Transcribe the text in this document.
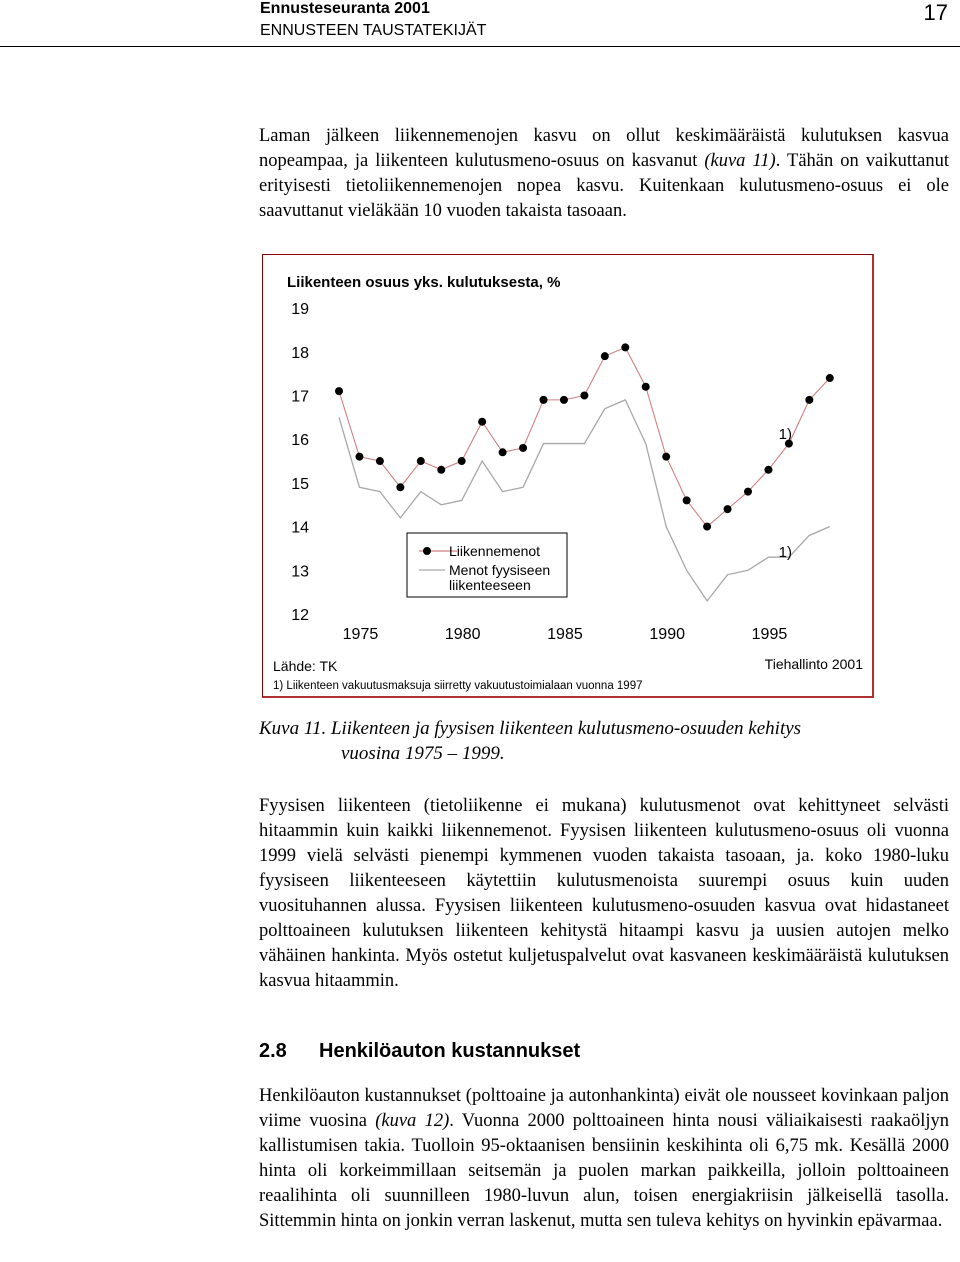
Ennusteseuranta 2001
ENNUSTEEN TAUSTATEKIJÄT
17

Laman jälkeen liikennemenojen kasvu on ollut keskimääräistä kulutuksen kasvua nopeampaa, ja liikenteen kulutusmeno-osuus on kasvanut (kuva 11). Tähän on vaikuttanut erityisesti tietoliikennemenojen nopea kasvu. Kuitenkaan kulutusmeno-osuus ei ole saavuttanut vieläkään 10 vuoden takaista tasoaan.

Liikenteen osuus yks. kulutuksesta, %
19
18
17
16
15
14
13
12
1975	1980	1985	1990	1995
1)
1)
Liikennemenot
Menot fyysiseen liikenteeseen
Lähde: TK	Tiehallinto 2001
1) Liikenteen vakuutusmaksuja siirretty vakuutustoimialaan vuonna 1997
Kuva 11. Liikenteen ja fyysisen liikenteen kulutusmeno-osuuden kehitys
vuosina 1975 – 1999.

Fyysisen liikenteen (tietoliikenne ei mukana) kulutusmenot ovat kehittyneet selvästi hitaammin kuin kaikki liikennemenot. Fyysisen liikenteen kulutusmeno-osuus oli vuonna 1999 vielä selvästi pienempi kymmenen vuoden takaista tasoaan, ja. koko 1980-luku fyysiseen liikenteeseen käytettiin kulutusmenoista suurempi osuus kuin uuden vuosituhannen alussa. Fyysisen liikenteen kulutusmeno-osuuden kasvua ovat hidastaneet polttoaineen kulutuksen liikenteen kehitystä hitaampi kasvu ja uusien autojen melko vähäinen hankinta. Myös ostetut kuljetuspalvelut ovat kasvaneen keskimääräistä kulutuksen kasvua hitaammin.

2.8 Henkilöauton kustannukset

Henkilöauton kustannukset (polttoaine ja autonhankinta) eivät ole nousseet kovinkaan paljon viime vuosina (kuva 12). Vuonna 2000 polttoaineen hinta nousi väliaikaisesti raakaöljyn kallistumisen takia. Tuolloin 95-oktaanisen bensiinin keskihinta oli 6,75 mk. Kesällä 2000 hinta oli korkeimmillaan seitsemän ja puolen markan paikkeilla, jolloin polttoaineen reaalihinta oli suunnilleen 1980-luvun alun, toisen energiakriisin jälkeisellä tasolla. Sittemmin hinta on jonkin verran laskenut, mutta sen tuleva kehitys on hyvinkin epävarmaa.
